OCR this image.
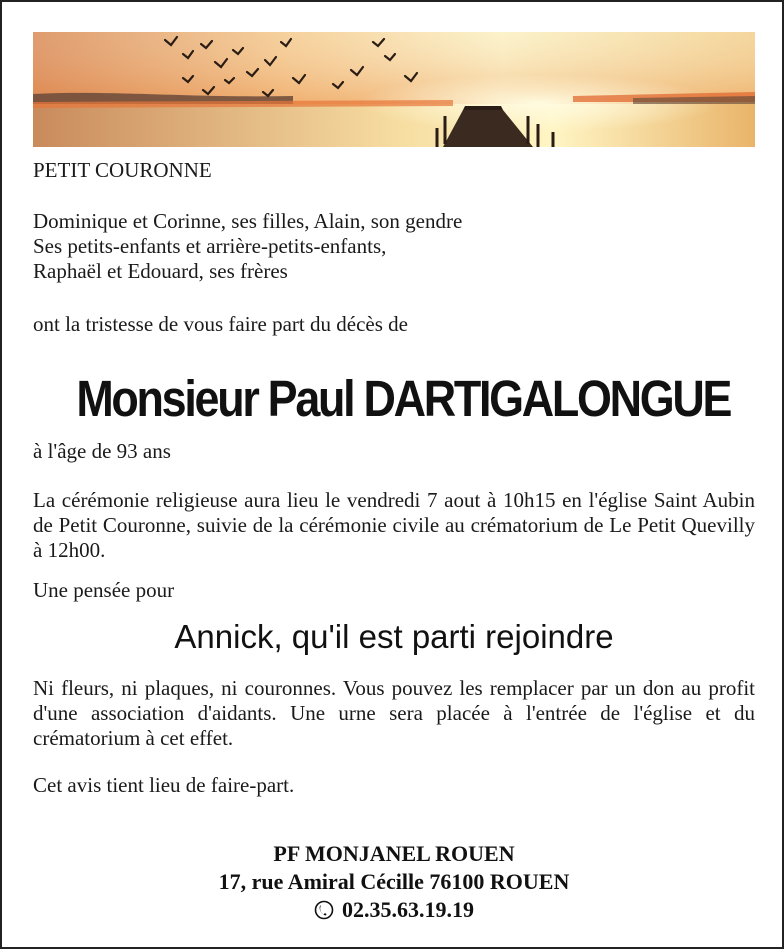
PETIT COURONNE
Dominique et Corinne, ses filles, Alain, son gendre
Ses petits-enfants et arrière-petits-enfants,
Raphaël et Edouard, ses frères
ont la tristesse de vous faire part du décès de
Monsieur Paul DARTIGALONGUE
à l'âge de 93 ans
La cérémonie religieuse aura lieu le vendredi 7 aout à 10h15 en l'église Saint Aubin de Petit Couronne, suivie de la cérémonie civile au crématorium de Le Petit Quevilly à 12h00.
Une pensée pour
Annick, qu'il est parti rejoindre
Ni fleurs, ni plaques, ni couronnes. Vous pouvez les remplacer par un don au profit d'une association d'aidants. Une urne sera placée à l'entrée de l'église et du crématorium à cet effet.
Cet avis tient lieu de faire-part.
PF MONJANEL ROUEN
17, rue Amiral Cécille 76100 ROUEN
02.35.63.19.19
